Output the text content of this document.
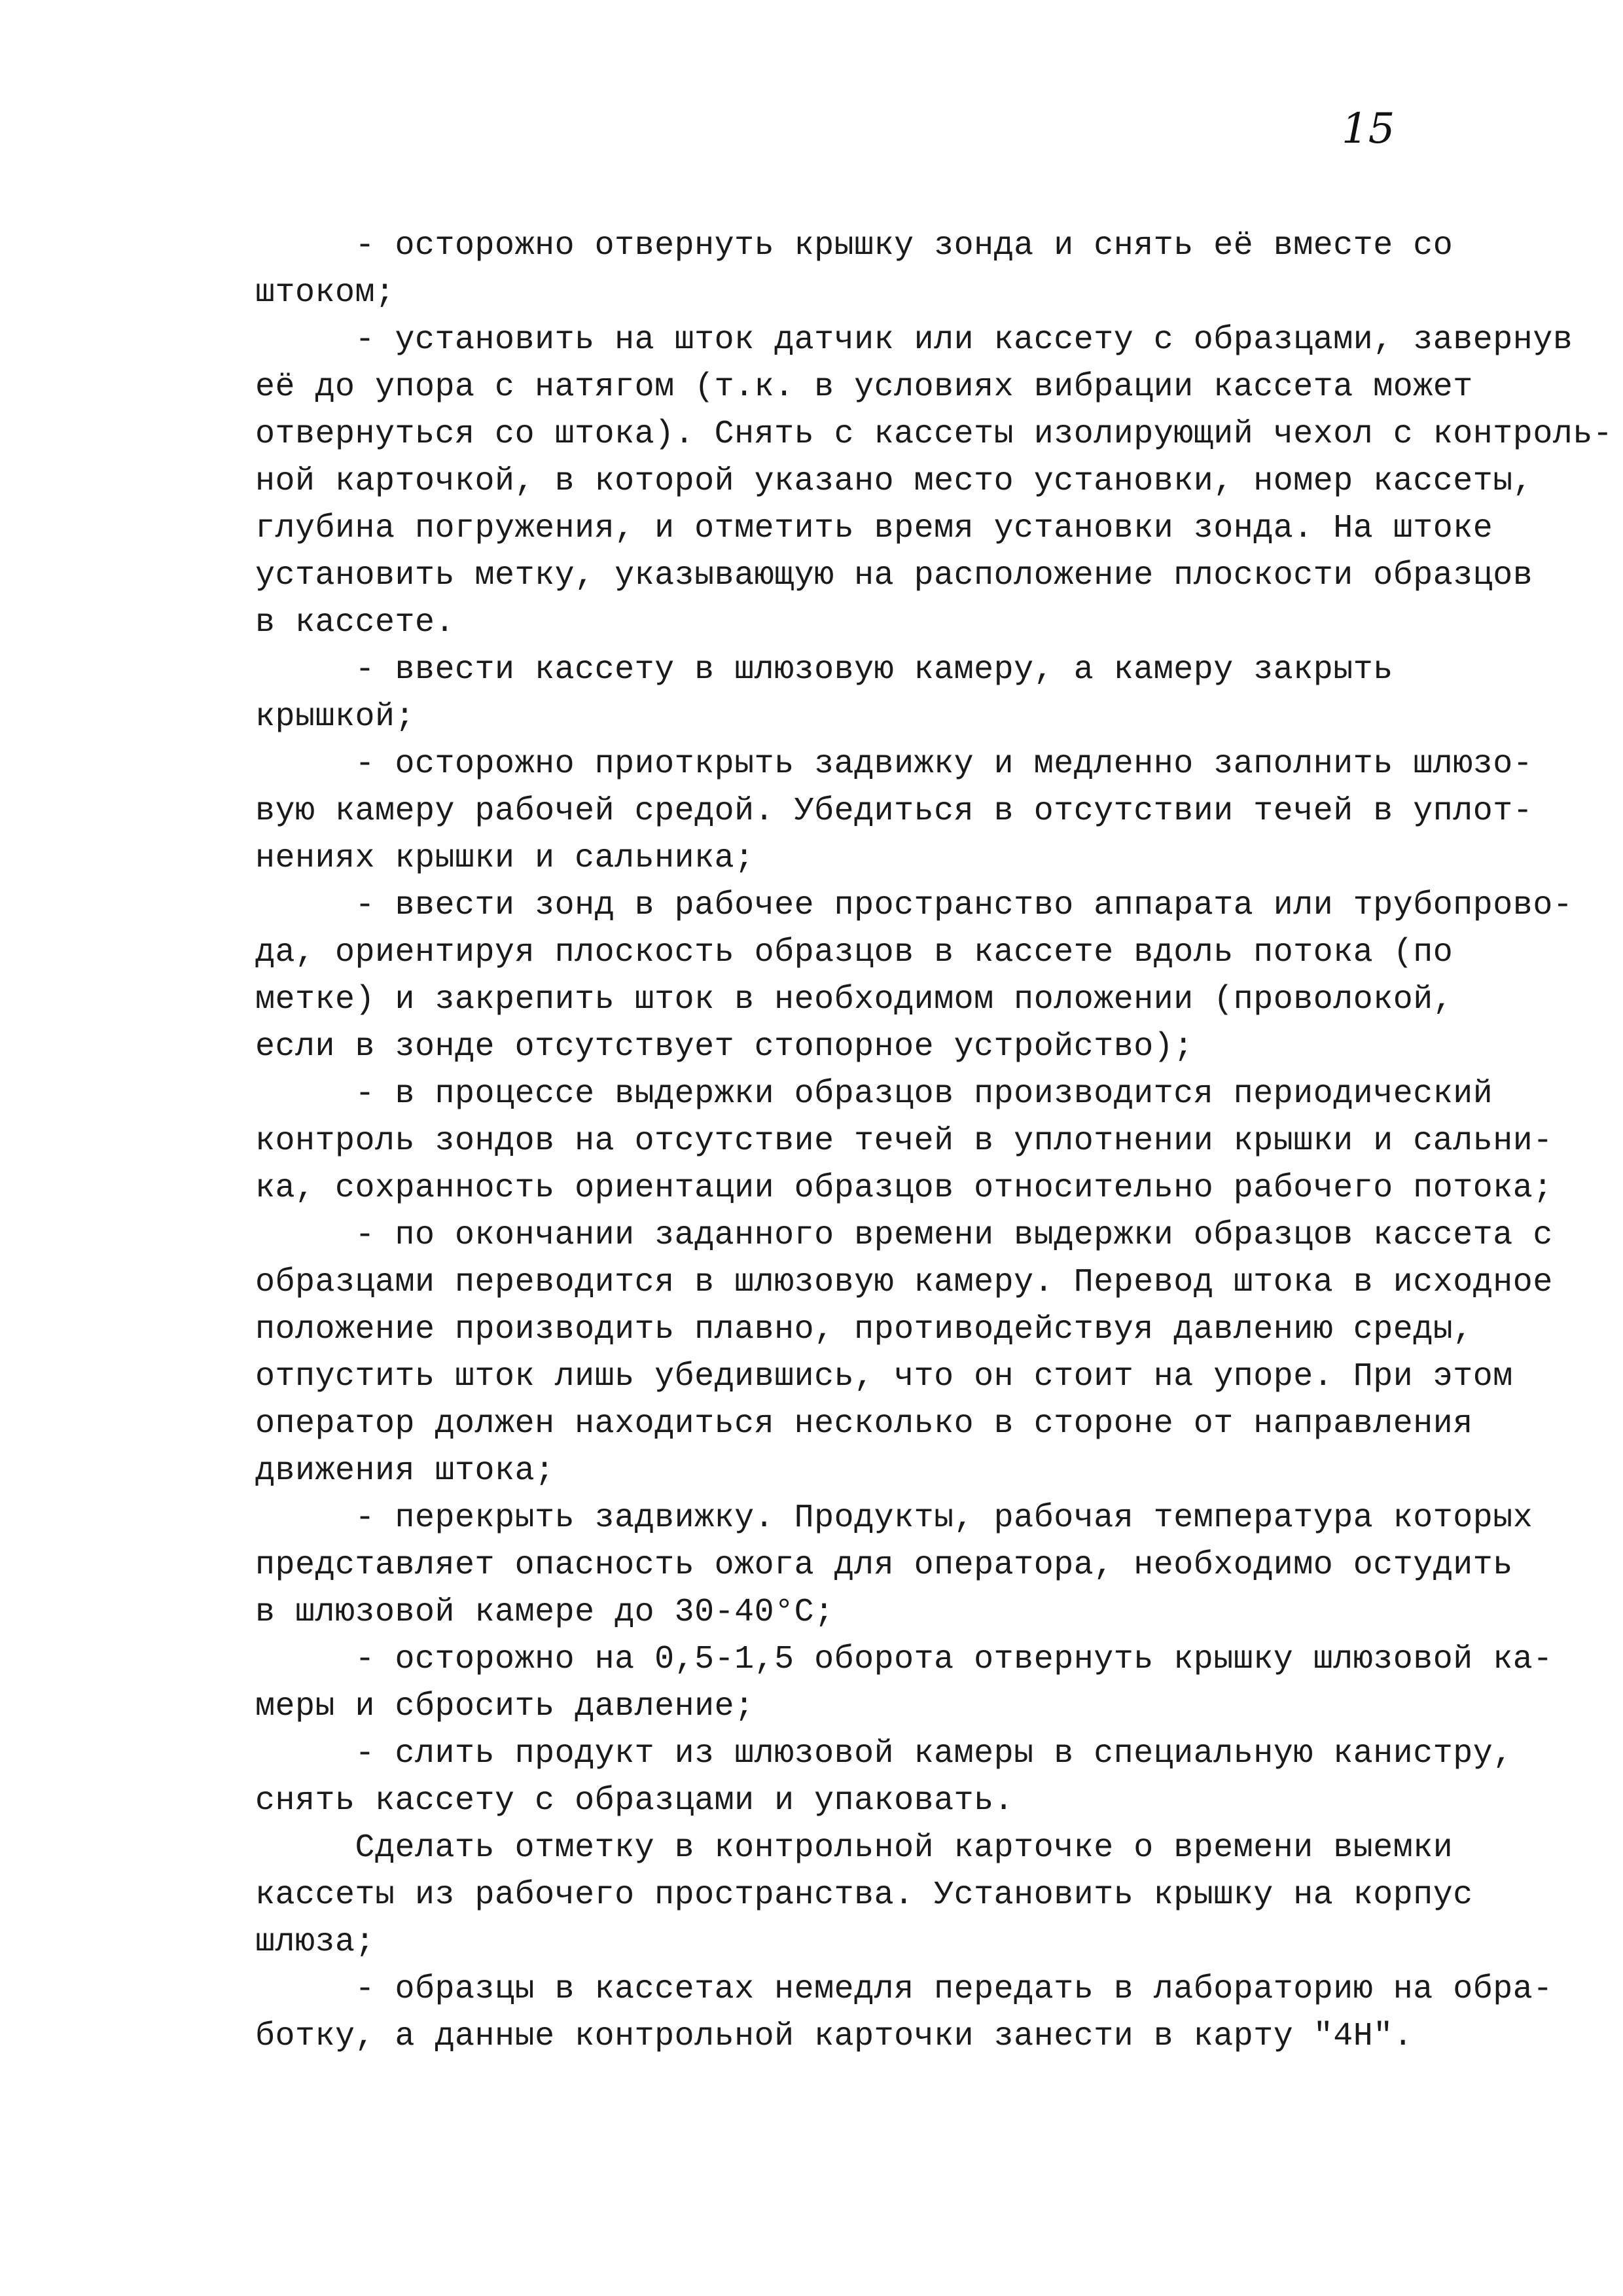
15
- осторожно отвернуть крышку зонда и снять её вместе со
штоком;
- установить на шток датчик или кассету с образцами, завернув
её до упора с натягом (т.к. в условиях вибрации кассета может
отвернуться со штока). Снять с кассеты изолирующий чехол с контроль-
ной карточкой, в которой указано место установки, номер кассеты,
глубина погружения, и отметить время установки зонда. На штоке
установить метку, указывающую на расположение плоскости образцов
в кассете.
- ввести кассету в шлюзовую камеру, а камеру закрыть
крышкой;
- осторожно приоткрыть задвижку и медленно заполнить шлюзо-
вую камеру рабочей средой. Убедиться в отсутствии течей в уплот-
нениях крышки и сальника;
- ввести зонд в рабочее пространство аппарата или трубопрово-
да, ориентируя плоскость образцов в кассете вдоль потока (по
метке) и закрепить шток в необходимом положении (проволокой,
если в зонде отсутствует стопорное устройство);
- в процессе выдержки образцов производится периодический
контроль зондов на отсутствие течей в уплотнении крышки и сальни-
ка, сохранность ориентации образцов относительно рабочего потока;
- по окончании заданного времени выдержки образцов кассета с
образцами переводится в шлюзовую камеру. Перевод штока в исходное
положение производить плавно, противодействуя давлению среды,
отпустить шток лишь убедившись, что он стоит на упоре. При этом
оператор должен находиться несколько в стороне от направления
движения штока;
- перекрыть задвижку. Продукты, рабочая температура которых
представляет опасность ожога для оператора, необходимо остудить
в шлюзовой камере до 30-40°С;
- осторожно на 0,5-1,5 оборота отвернуть крышку шлюзовой ка-
меры и сбросить давление;
- слить продукт из шлюзовой камеры в специальную канистру,
снять кассету с образцами и упаковать.
Сделать отметку в контрольной карточке о времени выемки
кассеты из рабочего пространства. Установить крышку на корпус
шлюза;
- образцы в кассетах немедля передать в лабораторию на обра-
ботку, а данные контрольной карточки занести в карту "4Н".
